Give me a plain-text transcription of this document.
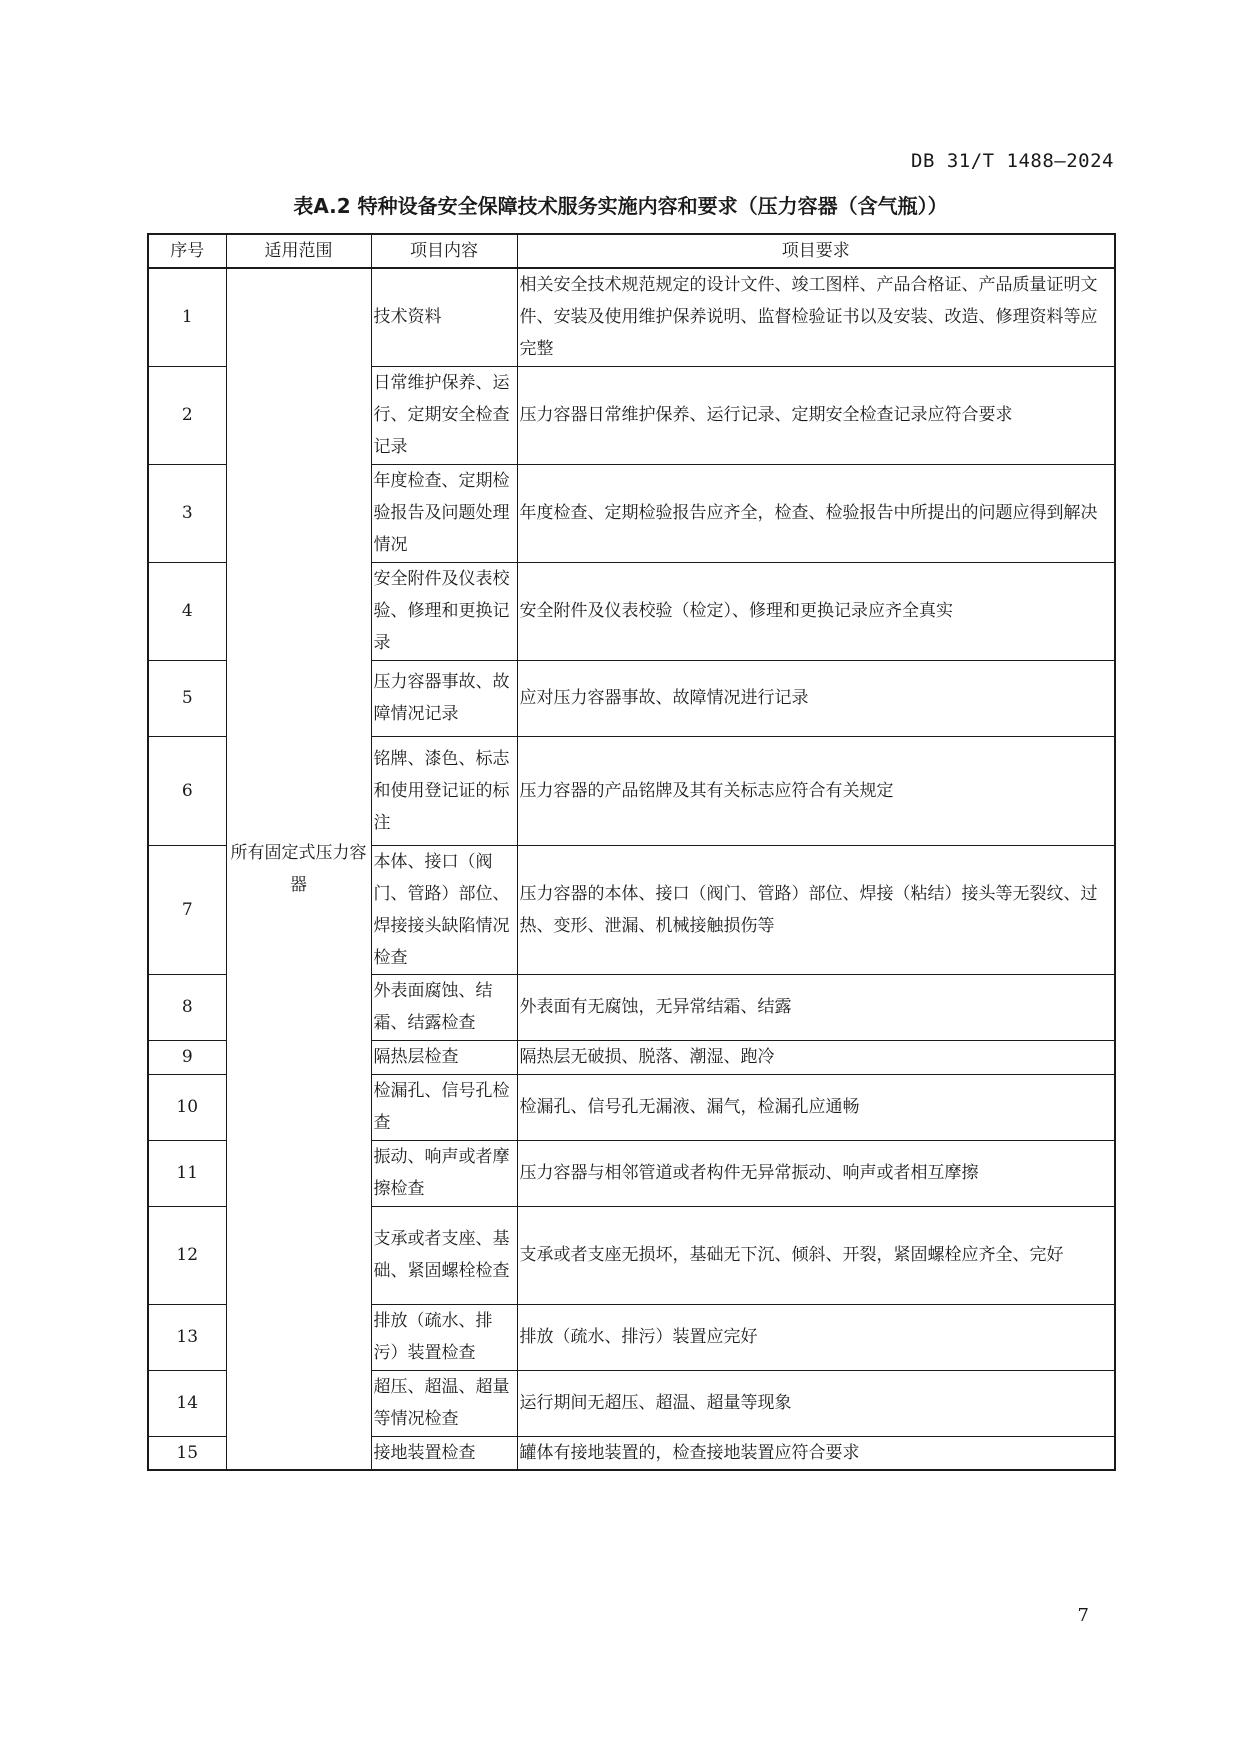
DB 31/T 1488—2024
表A.2 特种设备安全保障技术服务实施内容和要求（压力容器（含气瓶））
序号	适用范围	项目内容	项目要求
1	所有固定式压力容器	技术资料	相关安全技术规范规定的设计文件、竣工图样、产品合格证、产品质量证明文件、安装及使用维护保养说明、监督检验证书以及安装、改造、修理资料等应完整
2		日常维护保养、运行、定期安全检查记录	压力容器日常维护保养、运行记录、定期安全检查记录应符合要求
3		年度检查、定期检验报告及问题处理情况	年度检查、定期检验报告应齐全，检查、检验报告中所提出的问题应得到解决
4		安全附件及仪表校验、修理和更换记录	安全附件及仪表校验（检定）、修理和更换记录应齐全真实
5		压力容器事故、故障情况记录	应对压力容器事故、故障情况进行记录
6		铭牌、漆色、标志和使用登记证的标注	压力容器的产品铭牌及其有关标志应符合有关规定
7		本体、接口（阀门、管路）部位、焊接接头缺陷情况检查	压力容器的本体、接口（阀门、管路）部位、焊接（粘结）接头等无裂纹、过热、变形、泄漏、机械接触损伤等
8		外表面腐蚀、结霜、结露检查	外表面有无腐蚀，无异常结霜、结露
9		隔热层检查	隔热层无破损、脱落、潮湿、跑冷
10		检漏孔、信号孔检查	检漏孔、信号孔无漏液、漏气，检漏孔应通畅
11		振动、响声或者摩擦检查	压力容器与相邻管道或者构件无异常振动、响声或者相互摩擦
12		支承或者支座、基础、紧固螺栓检查	支承或者支座无损坏，基础无下沉、倾斜、开裂，紧固螺栓应齐全、完好
13		排放（疏水、排污）装置检查	排放（疏水、排污）装置应完好
14		超压、超温、超量等情况检查	运行期间无超压、超温、超量等现象
15		接地装置检查	罐体有接地装置的，检查接地装置应符合要求
7
